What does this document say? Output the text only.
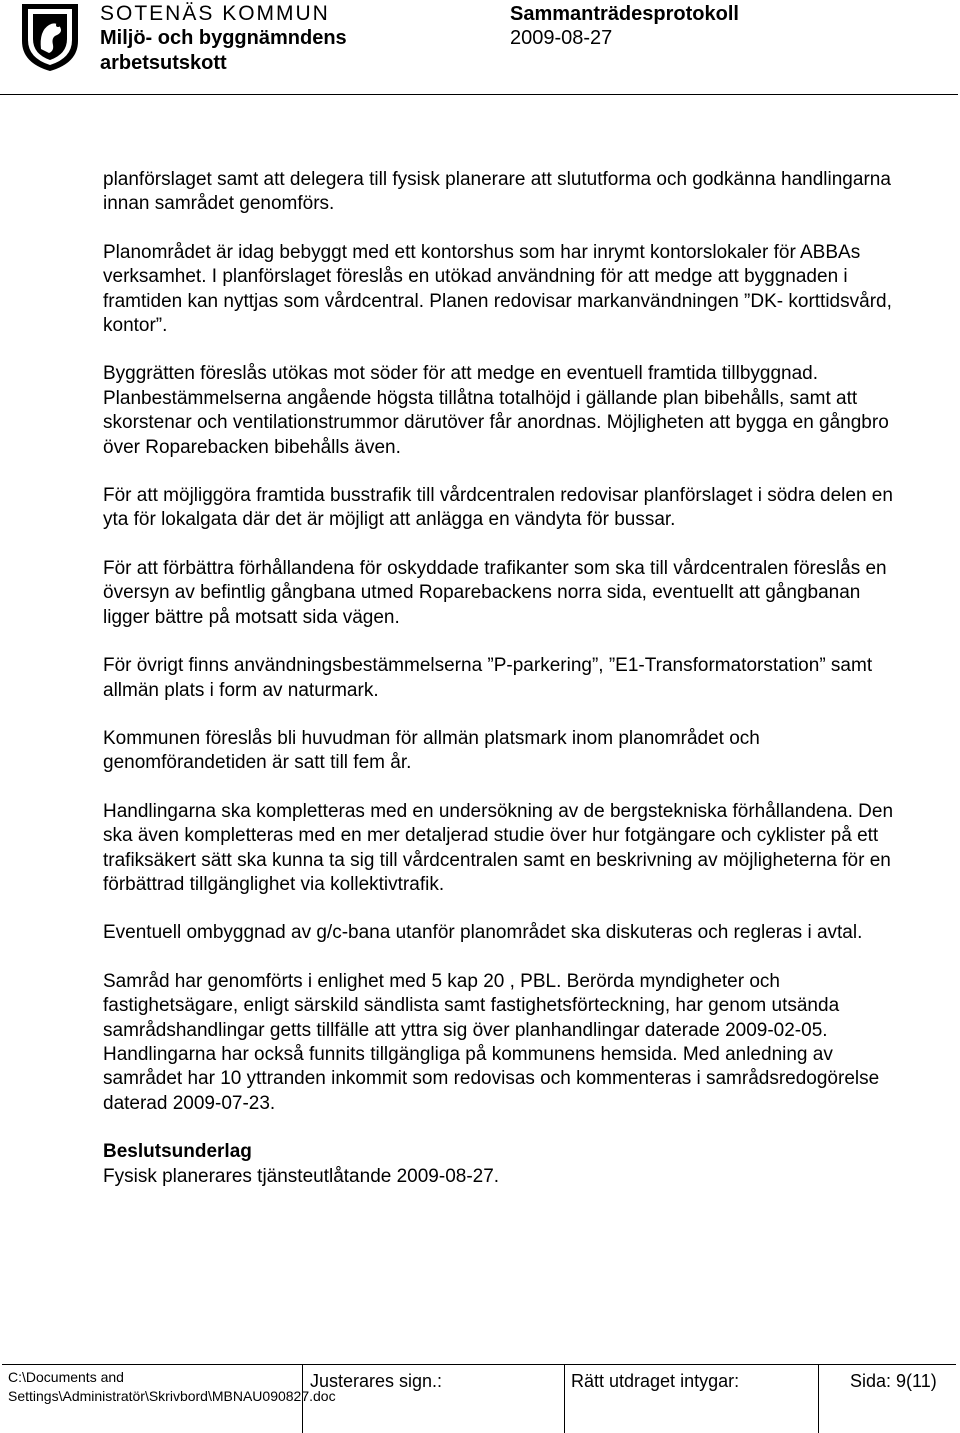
SOTENÄS KOMMUN
Miljö- och byggnämndens arbetsutskott
Sammanträdesprotokoll
2009-08-27

planförslaget samt att delegera till fysisk planerare att slututforma och godkänna handlingarna innan samrådet genomförs.

Planområdet är idag bebyggt med ett kontorshus som har inrymt kontorslokaler för ABBAs verksamhet. I planförslaget föreslås en utökad användning för att medge att byggnaden i framtiden kan nyttjas som vårdcentral. Planen redovisar markanvändningen ”DK- korttidsvård, kontor”.

Byggrätten föreslås utökas mot söder för att medge en eventuell framtida tillbyggnad. Planbestämmelserna angående högsta tillåtna totalhöjd i gällande plan bibehålls, samt att skorstenar och ventilationstrummor därutöver får anordnas. Möjligheten att bygga en gångbro över Roparebacken bibehålls även.

För att möjliggöra framtida busstrafik till vårdcentralen redovisar planförslaget i södra delen en yta för lokalgata där det är möjligt att anlägga en vändyta för bussar.

För att förbättra förhållandena för oskyddade trafikanter som ska till vårdcentralen föreslås en översyn av befintlig gångbana utmed Roparebackens norra sida, eventuellt att gångbanan ligger bättre på motsatt sida vägen.

För övrigt finns användningsbestämmelserna ”P-parkering”, ”E1-Transformatorstation” samt allmän plats i form av naturmark.

Kommunen föreslås bli huvudman för allmän platsmark inom planområdet och genomförandetiden är satt till fem år.

Handlingarna ska kompletteras med en undersökning av de bergstekniska förhållandena. Den ska även kompletteras med en mer detaljerad studie över hur fotgängare och cyklister på ett trafiksäkert sätt ska kunna ta sig till vårdcentralen samt en beskrivning av möjligheterna för en förbättrad tillgänglighet via kollektivtrafik.

Eventuell ombyggnad av g/c-bana utanför planområdet ska diskuteras och regleras i avtal.

Samråd har genomförts i enlighet med 5 kap 20 , PBL. Berörda myndigheter och fastighetsägare, enligt särskild sändlista samt fastighetsförteckning, har genom utsända samrådshandlingar getts tillfälle att yttra sig över planhandlingar daterade 2009-02-05. Handlingarna har också funnits tillgängliga på kommunens hemsida. Med anledning av samrådet har 10 yttranden inkommit som redovisas och kommenteras i samrådsredogörelse daterad 2009-07-23.

Beslutsunderlag

Fysisk planerares tjänsteutlåtande 2009-08-27.

C:\Documents and Settings\Administratör\Skrivbord\MBNAU090827.doc
Justerares sign.:	Rätt utdraget intygar:	Sida: 9(11)
